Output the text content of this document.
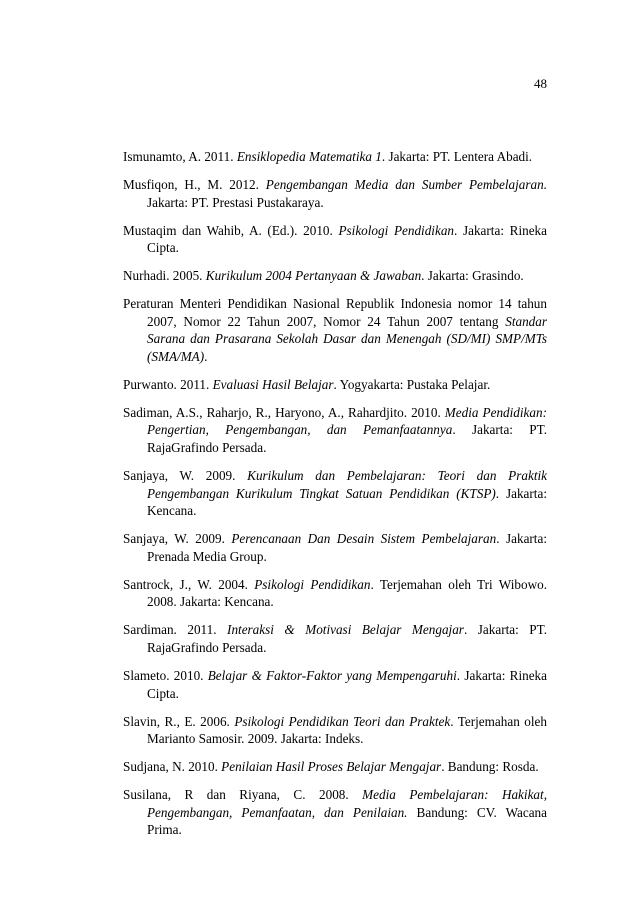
48

Ismunamto, A. 2011. Ensiklopedia Matematika 1. Jakarta: PT. Lentera Abadi.

Musfiqon, H., M. 2012. Pengembangan Media dan Sumber Pembelajaran. Jakarta: PT. Prestasi Pustakaraya.

Mustaqim dan Wahib, A. (Ed.). 2010. Psikologi Pendidikan. Jakarta: Rineka Cipta.

Nurhadi. 2005. Kurikulum 2004 Pertanyaan & Jawaban. Jakarta: Grasindo.

Peraturan Menteri Pendidikan Nasional Republik Indonesia nomor 14 tahun 2007, Nomor 22 Tahun 2007, Nomor 24 Tahun 2007 tentang Standar Sarana dan Prasarana Sekolah Dasar dan Menengah (SD/MI) SMP/MTs (SMA/MA).

Purwanto. 2011. Evaluasi Hasil Belajar. Yogyakarta: Pustaka Pelajar.

Sadiman, A.S., Raharjo, R., Haryono, A., Rahardjito. 2010. Media Pendidikan: Pengertian, Pengembangan, dan Pemanfaatannya. Jakarta: PT. RajaGrafindo Persada.

Sanjaya, W. 2009. Kurikulum dan Pembelajaran: Teori dan Praktik Pengembangan Kurikulum Tingkat Satuan Pendidikan (KTSP). Jakarta: Kencana.

Sanjaya, W. 2009. Perencanaan Dan Desain Sistem Pembelajaran. Jakarta: Prenada Media Group.

Santrock, J., W. 2004. Psikologi Pendidikan. Terjemahan oleh Tri Wibowo. 2008. Jakarta: Kencana.

Sardiman. 2011. Interaksi & Motivasi Belajar Mengajar. Jakarta: PT. RajaGrafindo Persada.

Slameto. 2010. Belajar & Faktor-Faktor yang Mempengaruhi. Jakarta: Rineka Cipta.

Slavin, R., E. 2006. Psikologi Pendidikan Teori dan Praktek. Terjemahan oleh Marianto Samosir. 2009. Jakarta: Indeks.

Sudjana, N. 2010. Penilaian Hasil Proses Belajar Mengajar. Bandung: Rosda.

Susilana, R dan Riyana, C. 2008. Media Pembelajaran: Hakikat, Pengembangan, Pemanfaatan, dan Penilaian. Bandung: CV. Wacana Prima.
